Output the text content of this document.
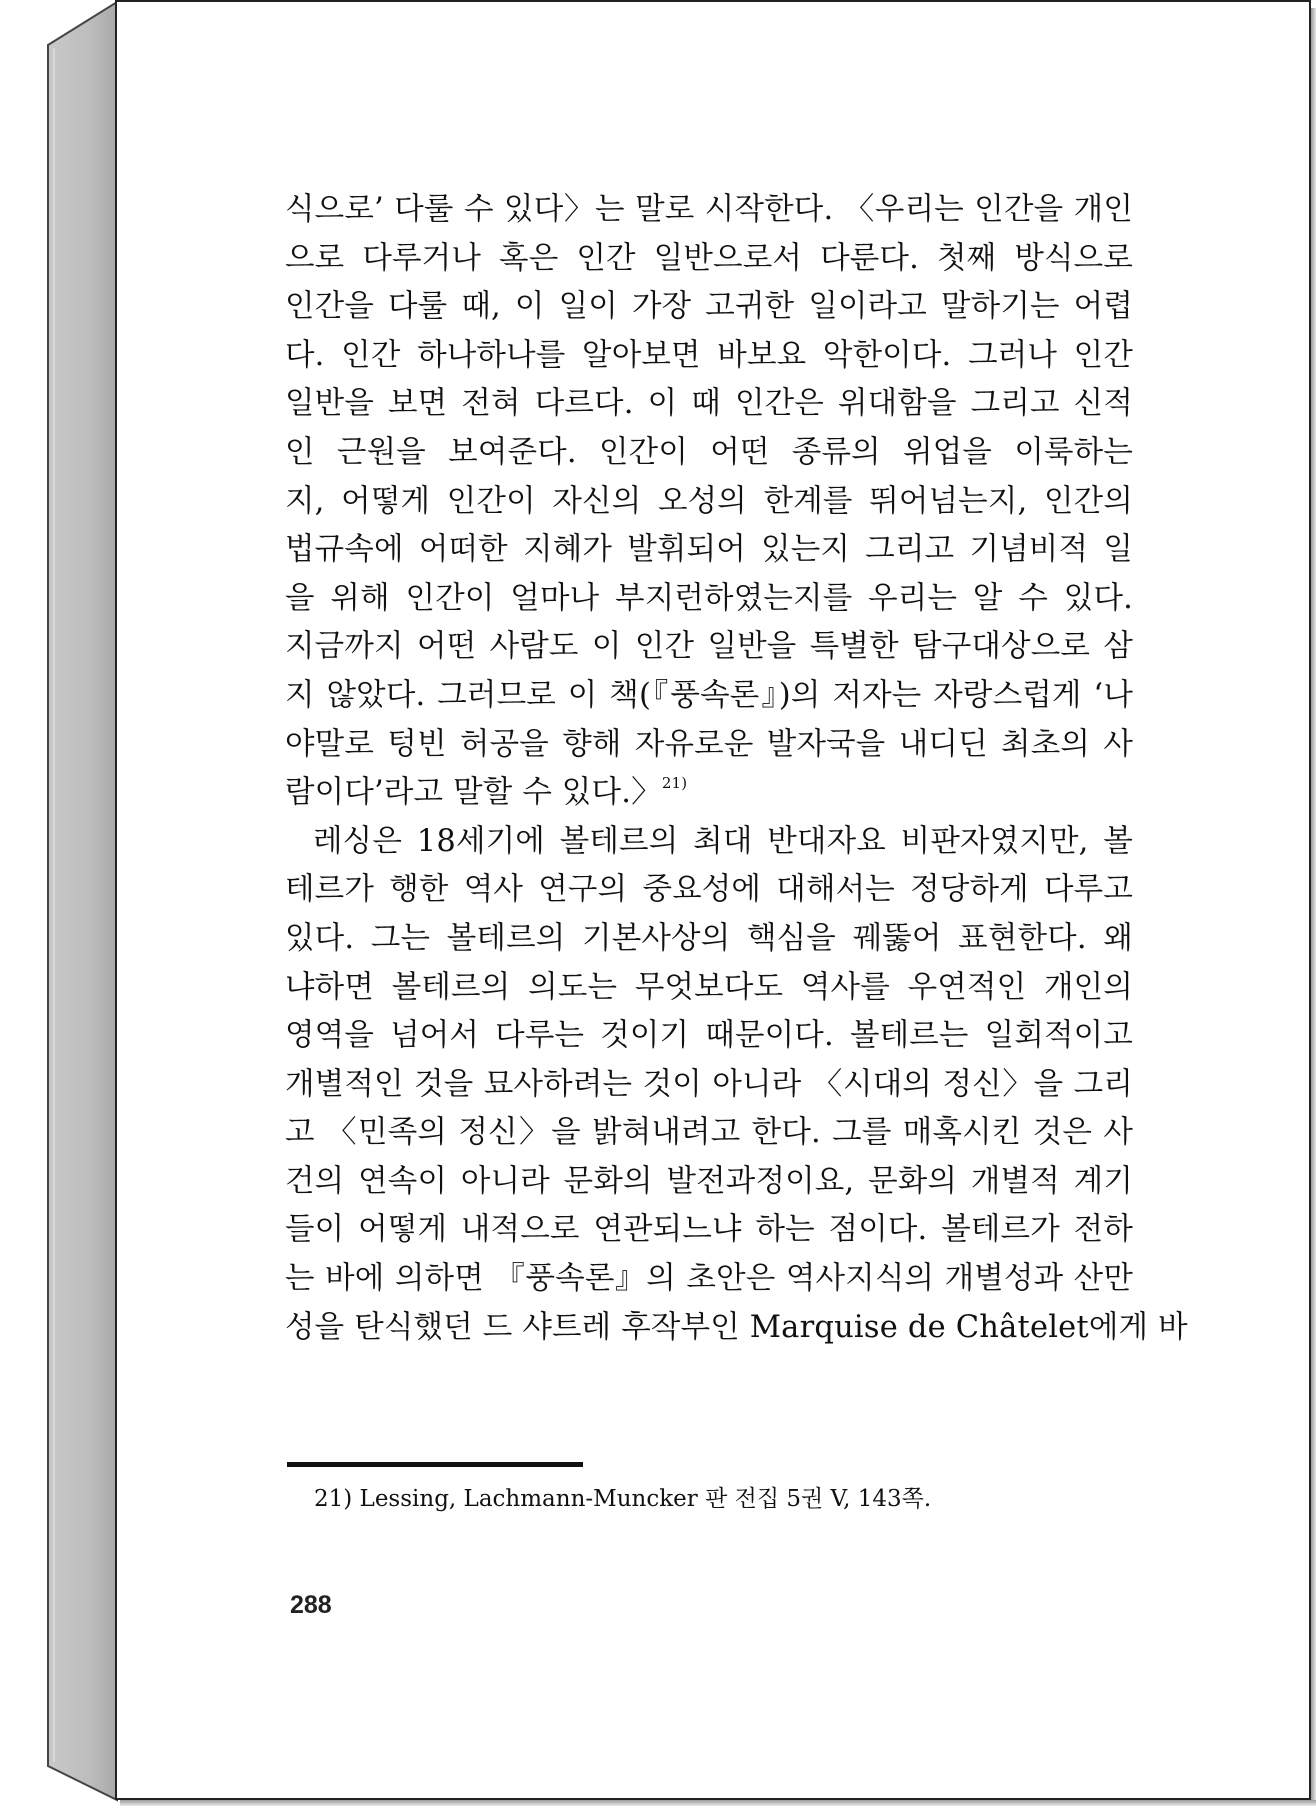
식으로’ 다룰 수 있다〉는 말로 시작한다. 〈우리는 인간을 개인
으로 다루거나 혹은 인간 일반으로서 다룬다. 첫째 방식으로
인간을 다룰 때, 이 일이 가장 고귀한 일이라고 말하기는 어렵
다. 인간 하나하나를 알아보면 바보요 악한이다. 그러나 인간
일반을 보면 전혀 다르다. 이 때 인간은 위대함을 그리고 신적
인 근원을 보여준다. 인간이 어떤 종류의 위업을 이룩하는
지, 어떻게 인간이 자신의 오성의 한계를 뛰어넘는지, 인간의
법규속에 어떠한 지혜가 발휘되어 있는지 그리고 기념비적 일
을 위해 인간이 얼마나 부지런하였는지를 우리는 알 수 있다.
지금까지 어떤 사람도 이 인간 일반을 특별한 탐구대상으로 삼
지 않았다. 그러므로 이 책(『풍속론』)의 저자는 자랑스럽게 ‘나
야말로 텅빈 허공을 향해 자유로운 발자국을 내디딘 최초의 사
람이다’라고 말할 수 있다.〉$^{21)}$
레싱은 18세기에 볼테르의 최대 반대자요 비판자였지만, 볼
테르가 행한 역사 연구의 중요성에 대해서는 정당하게 다루고
있다. 그는 볼테르의 기본사상의 핵심을 꿰뚫어 표현한다. 왜
냐하면 볼테르의 의도는 무엇보다도 역사를 우연적인 개인의
영역을 넘어서 다루는 것이기 때문이다. 볼테르는 일회적이고
개별적인 것을 묘사하려는 것이 아니라 〈시대의 정신〉을 그리
고 〈민족의 정신〉을 밝혀내려고 한다. 그를 매혹시킨 것은 사
건의 연속이 아니라 문화의 발전과정이요, 문화의 개별적 계기
들이 어떻게 내적으로 연관되느냐 하는 점이다. 볼테르가 전하
는 바에 의하면 『풍속론』의 초안은 역사지식의 개별성과 산만
성을 탄식했던 드 샤트레 후작부인 Marquise de Châtelet에게 바
21) Lessing, Lachmann-Muncker 판 전집 5권 V, 143쪽.
288
